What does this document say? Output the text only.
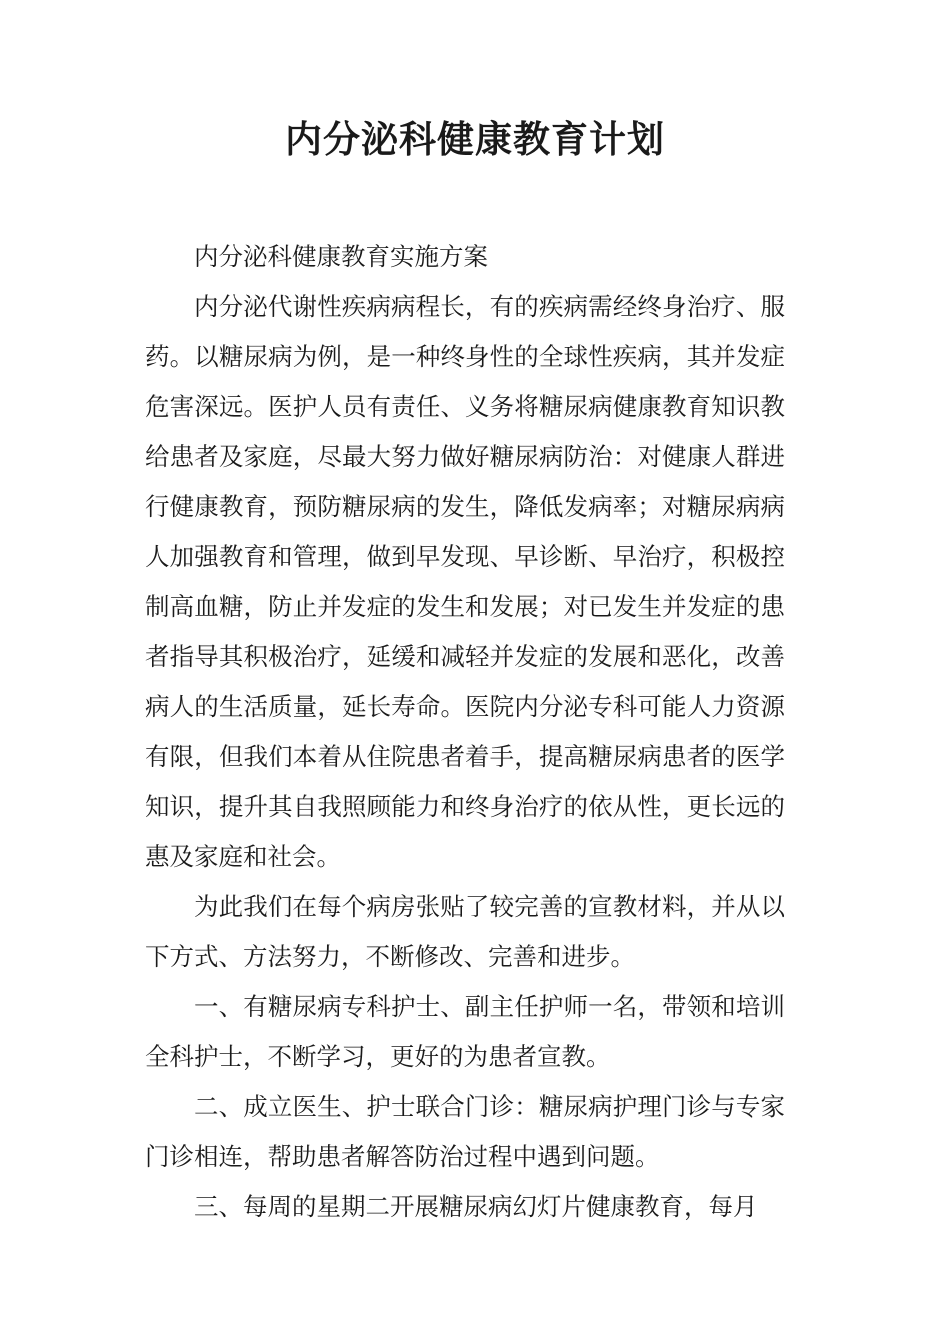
内分泌科健康教育计划

内分泌科健康教育实施方案

内分泌代谢性疾病病程长，有的疾病需经终身治疗、服药。以糖尿病为例，是一种终身性的全球性疾病，其并发症危害深远。医护人员有责任、义务将糖尿病健康教育知识教给患者及家庭，尽最大努力做好糖尿病防治：对健康人群进行健康教育，预防糖尿病的发生，降低发病率；对糖尿病病人加强教育和管理，做到早发现、早诊断、早治疗，积极控制高血糖，防止并发症的发生和发展；对已发生并发症的患者指导其积极治疗，延缓和减轻并发症的发展和恶化，改善病人的生活质量，延长寿命。医院内分泌专科可能人力资源有限，但我们本着从住院患者着手，提高糖尿病患者的医学知识，提升其自我照顾能力和终身治疗的依从性，更长远的惠及家庭和社会。

为此我们在每个病房张贴了较完善的宣教材料，并从以下方式、方法努力，不断修改、完善和进步。

一、有糖尿病专科护士、副主任护师一名，带领和培训全科护士，不断学习，更好的为患者宣教。

二、成立医生、护士联合门诊：糖尿病护理门诊与专家门诊相连，帮助患者解答防治过程中遇到问题。

三、每周的星期二开展糖尿病幻灯片健康教育，每月
